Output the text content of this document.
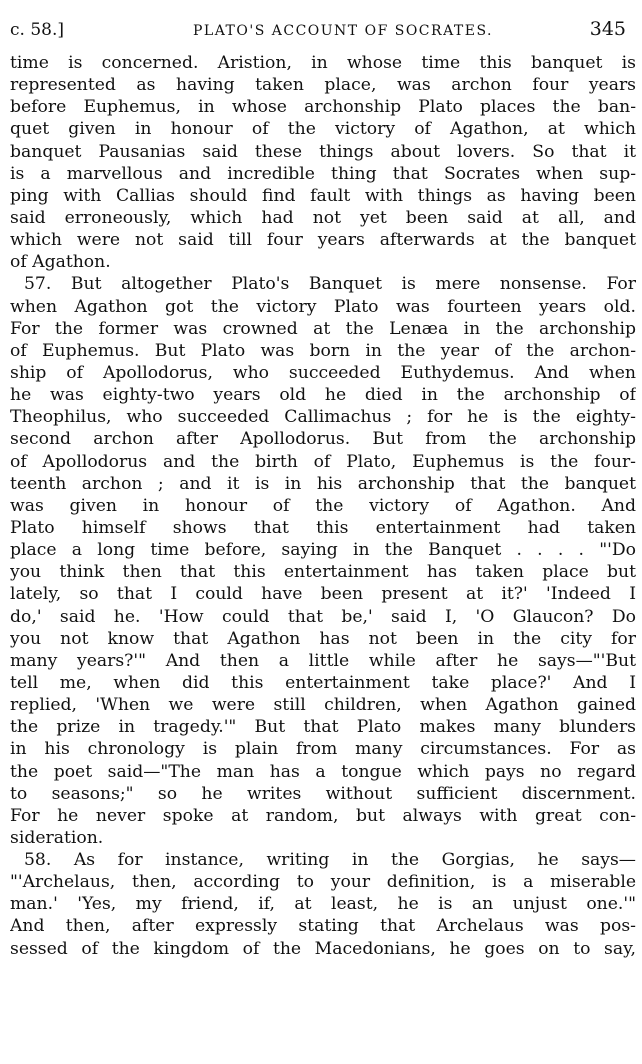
c. 58.]	PLATO'S ACCOUNT OF SOCRATES.	345
time is concerned. Aristion, in whose time this banquet is
represented as having taken place, was archon four years
before Euphemus, in whose archonship Plato places the ban-
quet given in honour of the victory of Agathon, at which
banquet Pausanias said these things about lovers. So that it
is a marvellous and incredible thing that Socrates when sup-
ping with Callias should find fault with things as having been
said erroneously, which had not yet been said at all, and
which were not said till four years afterwards at the banquet
of Agathon.
57. But altogether Plato's Banquet is mere nonsense. For
when Agathon got the victory Plato was fourteen years old.
For the former was crowned at the Lenæa in the archonship
of Euphemus. But Plato was born in the year of the archon-
ship of Apollodorus, who succeeded Euthydemus. And when
he was eighty-two years old he died in the archonship of
Theophilus, who succeeded Callimachus ; for he is the eighty-
second archon after Apollodorus. But from the archonship
of Apollodorus and the birth of Plato, Euphemus is the four-
teenth archon ; and it is in his archonship that the banquet
was given in honour of the victory of Agathon. And
Plato himself shows that this entertainment had taken
place a long time before, saying in the Banquet . . . . "'Do
you think then that this entertainment has taken place but
lately, so that I could have been present at it?' 'Indeed I
do,' said he. 'How could that be,' said I, 'O Glaucon? Do
you not know that Agathon has not been in the city for
many years?'" And then a little while after he says—"'But
tell me, when did this entertainment take place?' And I
replied, 'When we were still children, when Agathon gained
the prize in tragedy.'" But that Plato makes many blunders
in his chronology is plain from many circumstances. For as
the poet said—"The man has a tongue which pays no regard
to seasons;" so he writes without sufficient discernment.
For he never spoke at random, but always with great con-
sideration.
58. As for instance, writing in the Gorgias, he says—
"'Archelaus, then, according to your definition, is a miserable
man.' 'Yes, my friend, if, at least, he is an unjust one.'"
And then, after expressly stating that Archelaus was pos-
sessed of the kingdom of the Macedonians, he goes on to say,
